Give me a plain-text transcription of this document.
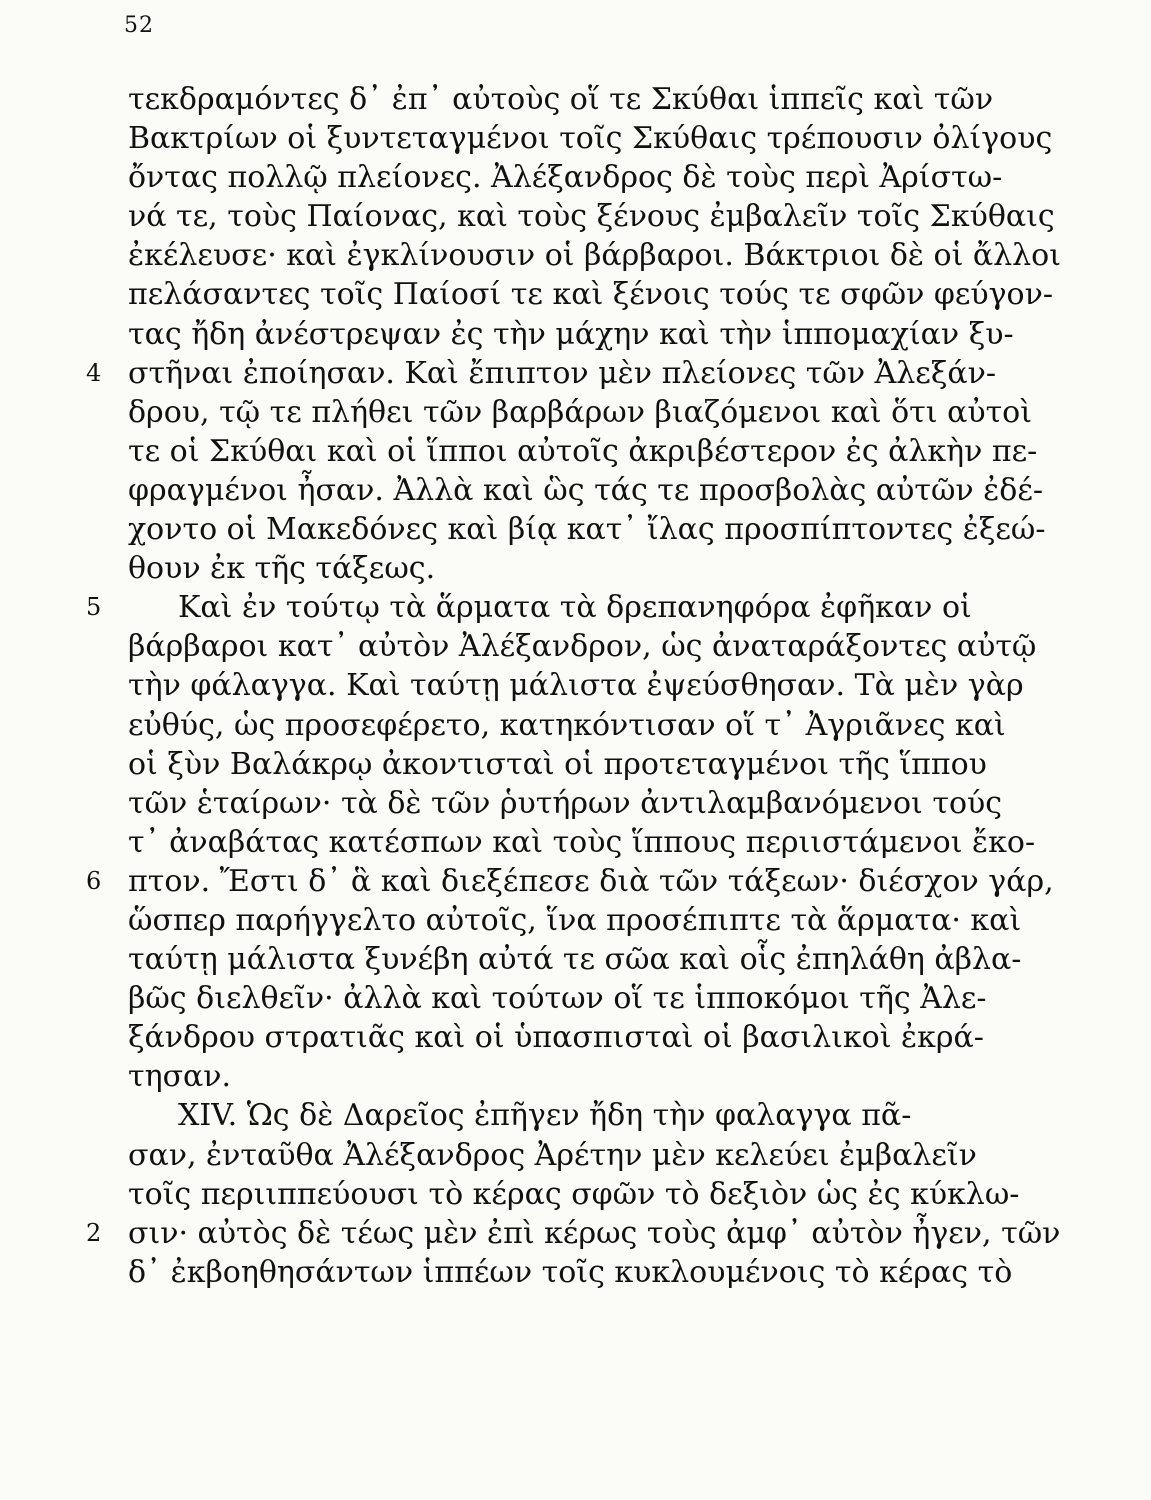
52
τεκδραμόντες δ᾽ ἐπ᾽ αὐτοὺς οἵ τε Σκύθαι ἱππεῖς καὶ τῶν
Βακτρίων οἱ ξυντεταγμένοι τοῖς Σκύθαις τρέπουσιν ὀλίγους
ὄντας πολλῷ πλείονες. Ἀλέξανδρος δὲ τοὺς περὶ Ἀρίστω-
νά τε, τοὺς Παίονας, καὶ τοὺς ξένους ἐμβαλεῖν τοῖς Σκύθαις
ἐκέλευσε· καὶ ἐγκλίνουσιν οἱ βάρβαροι. Βάκτριοι δὲ οἱ ἄλλοι
πελάσαντες τοῖς Παίοσί τε καὶ ξένοις τούς τε σφῶν φεύγον-
τας ἤδη ἀνέστρεψαν ἐς τὴν μάχην καὶ τὴν ἱππομαχίαν ξυ-
4 στῆναι ἐποίησαν. Καὶ ἔπιπτον μὲν πλείονες τῶν Ἀλεξάν-
δρου, τῷ τε πλήθει τῶν βαρβάρων βιαζόμενοι καὶ ὅτι αὐτοὶ
τε οἱ Σκύθαι καὶ οἱ ἵπποι αὐτοῖς ἀκριβέστερον ἐς ἀλκὴν πε-
φραγμένοι ἦσαν. Ἀλλὰ καὶ ὣς τάς τε προσβολὰς αὐτῶν ἐδέ-
χοντο οἱ Μακεδόνες καὶ βίᾳ κατ᾽ ἴλας προσπίπτοντες ἐξεώ-
θουν ἐκ τῆς τάξεως.
5	Καὶ ἐν τούτῳ τὰ ἅρματα τὰ δρεπανηφόρα ἐφῆκαν οἱ
βάρβαροι κατ᾽ αὐτὸν Ἀλέξανδρον, ὡς ἀναταράξοντες αὐτῷ
τὴν φάλαγγα. Καὶ ταύτῃ μάλιστα ἐψεύσθησαν. Τὰ μὲν γὰρ
εὐθύς, ὡς προσεφέρετο, κατηκόντισαν οἵ τ᾽ Ἀγριᾶνες καὶ
οἱ ξὺν Βαλάκρῳ ἀκοντισταὶ οἱ προτεταγμένοι τῆς ἵππου
τῶν ἑταίρων· τὰ δὲ τῶν ῥυτήρων ἀντιλαμβανόμενοι τούς
τ᾽ ἀναβάτας κατέσπων καὶ τοὺς ἵππους περιιστάμενοι ἔκο-
6 πτον. Ἔστι δ᾽ ἃ καὶ διεξέπεσε διὰ τῶν τάξεων· διέσχον γάρ,
ὥσπερ παρήγγελτο αὐτοῖς, ἵνα προσέπιπτε τὰ ἅρματα· καὶ
ταύτῃ μάλιστα ξυνέβη αὐτά τε σῶα καὶ οἷς ἐπηλάθη ἀβλα-
βῶς διελθεῖν· ἀλλὰ καὶ τούτων οἵ τε ἱπποκόμοι τῆς Ἀλε-
ξάνδρου στρατιᾶς καὶ οἱ ὑπασπισταὶ οἱ βασιλικοὶ ἐκρά-
τησαν.
XIV. Ὡς δὲ Δαρεῖος ἐπῆγεν ἤδη τὴν φαλαγγα πᾶ-
σαν, ἐνταῦθα Ἀλέξανδρος Ἀρέτην μὲν κελεύει ἐμβαλεῖν
τοῖς περιιππεύουσι τὸ κέρας σφῶν τὸ δεξιὸν ὡς ἐς κύκλω-
2 σιν· αὐτὸς δὲ τέως μὲν ἐπὶ κέρως τοὺς ἀμφ᾽ αὐτὸν ἦγεν, τῶν
δ᾽ ἐκβοηθησάντων ἱππέων τοῖς κυκλουμένοις τὸ κέρας τὸ
